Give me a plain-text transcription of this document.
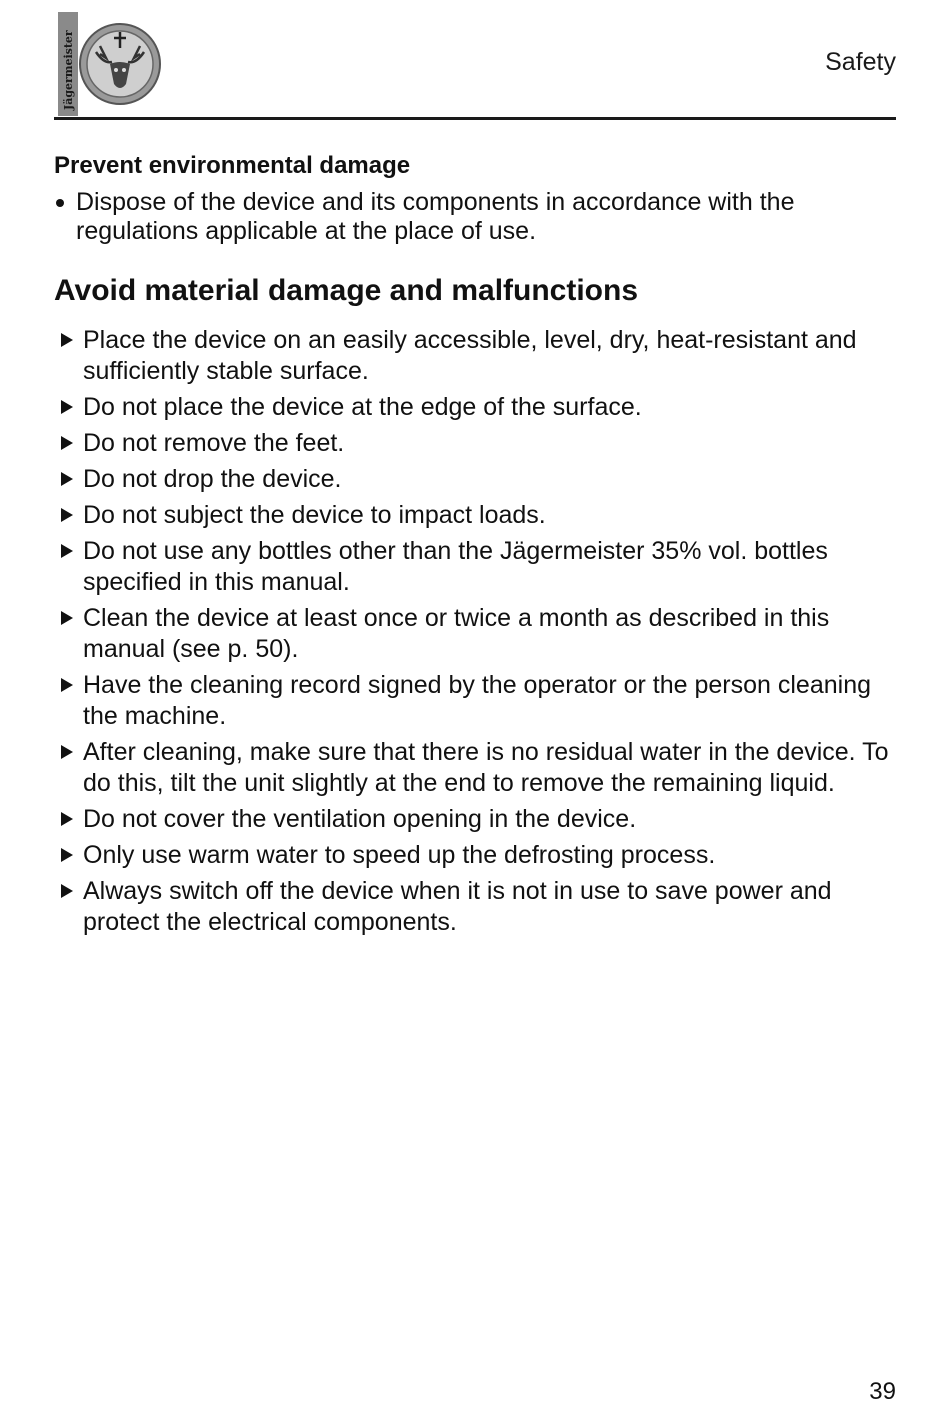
Jägermeister	Safety
Prevent environmental damage
Dispose of the device and its components in accordance with the regulations applicable at the place of use.
Avoid material damage and malfunctions
Place the device on an easily accessible, level, dry, heat-resistant and sufficiently stable surface.
Do not place the device at the edge of the surface.
Do not remove the feet.
Do not drop the device.
Do not subject the device to impact loads.
Do not use any bottles other than the Jägermeister 35% vol. bottles specified in this manual.
Clean the device at least once or twice a month as described in this manual (see p. 50).
Have the cleaning record signed by the operator or the person cleaning the machine.
After cleaning, make sure that there is no residual water in the device. To do this, tilt the unit slightly at the end to remove the remaining liquid.
Do not cover the ventilation opening in the device.
Only use warm water to speed up the defrosting process.
Always switch off the device when it is not in use to save power and protect the electrical components.
39
